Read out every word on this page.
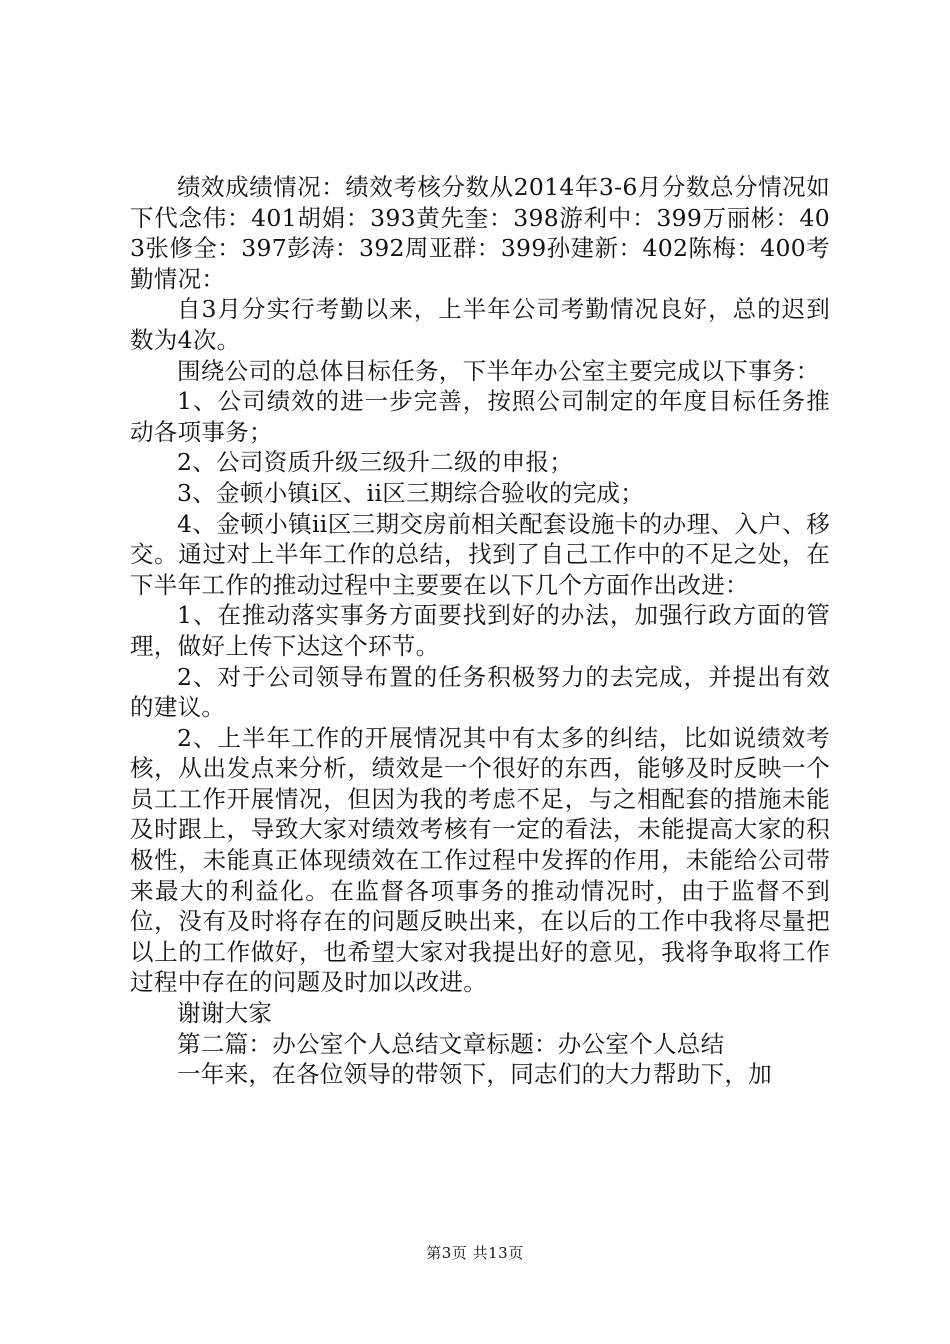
绩效成绩情况：绩效考核分数从2014年3-6月分数总分情况如下代念伟：401胡娟：393黄先奎：398游利中：399万丽彬：403张修全：397彭涛：392周亚群：399孙建新：402陈梅：400考勤情况：

自3月分实行考勤以来，上半年公司考勤情况良好，总的迟到数为4次。

围绕公司的总体目标任务，下半年办公室主要完成以下事务：

1、公司绩效的进一步完善，按照公司制定的年度目标任务推动各项事务；

2、公司资质升级三级升二级的申报；

3、金顿小镇i区、ii区三期综合验收的完成；

4、金顿小镇ii区三期交房前相关配套设施卡的办理、入户、移交。通过对上半年工作的总结，找到了自己工作中的不足之处，在下半年工作的推动过程中主要要在以下几个方面作出改进：

1、在推动落实事务方面要找到好的办法，加强行政方面的管理，做好上传下达这个环节。

2、对于公司领导布置的任务积极努力的去完成，并提出有效的建议。

2、上半年工作的开展情况其中有太多的纠结，比如说绩效考核，从出发点来分析，绩效是一个很好的东西，能够及时反映一个员工工作开展情况，但因为我的考虑不足，与之相配套的措施未能及时跟上，导致大家对绩效考核有一定的看法，未能提高大家的积极性，未能真正体现绩效在工作过程中发挥的作用，未能给公司带来最大的利益化。在监督各项事务的推动情况时，由于监督不到位，没有及时将存在的问题反映出来，在以后的工作中我将尽量把以上的工作做好，也希望大家对我提出好的意见，我将争取将工作过程中存在的问题及时加以改进。

谢谢大家

第二篇：办公室个人总结文章标题：办公室个人总结

一年来，在各位领导的带领下，同志们的大力帮助下，加

第3页 共13页
